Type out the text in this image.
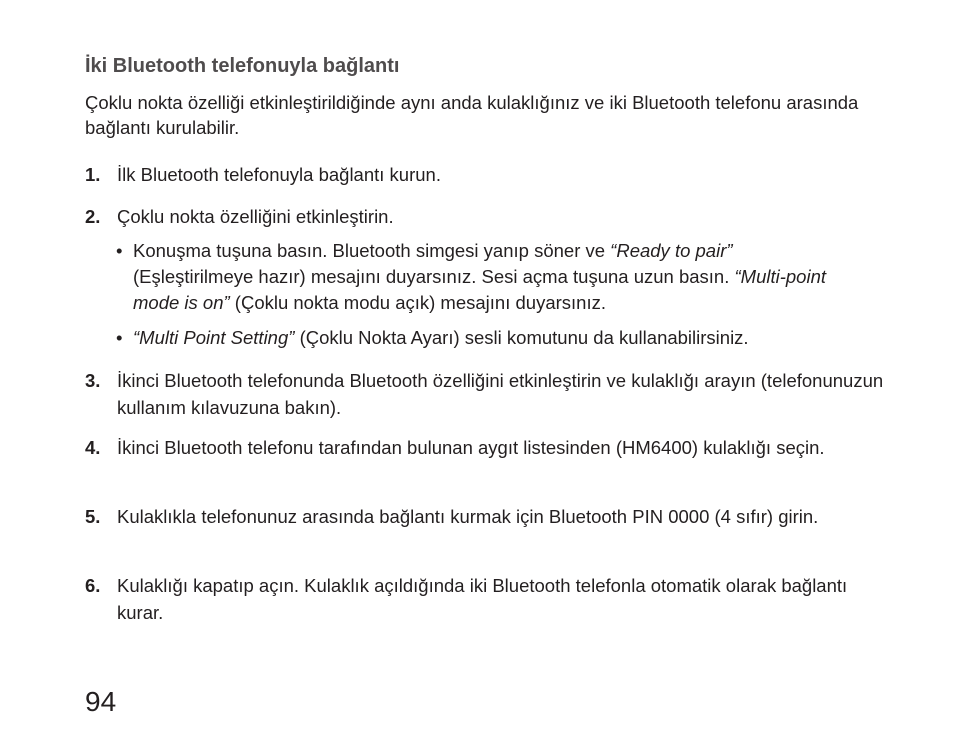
İki Bluetooth telefonuyla bağlantı
Çoklu nokta özelliği etkinleştirildiğinde aynı anda kulaklığınız ve iki Bluetooth telefonu arasında bağlantı kurulabilir.
1. İlk Bluetooth telefonuyla bağlantı kurun.
2. Çoklu nokta özelliğini etkinleştirin.
• Konuşma tuşuna basın. Bluetooth simgesi yanıp söner ve “Ready to pair” (Eşleştirilmeye hazır) mesajını duyarsınız. Sesi açma tuşuna uzun basın. “Multi-point mode is on” (Çoklu nokta modu açık) mesajını duyarsınız.
• “Multi Point Setting” (Çoklu Nokta Ayarı) sesli komutunu da kullanabilirsiniz.
3. İkinci Bluetooth telefonunda Bluetooth özelliğini etkinleştirin ve kulaklığı arayın (telefonunuzun kullanım kılavuzuna bakın).
4. İkinci Bluetooth telefonu tarafından bulunan aygıt listesinden (HM6400) kulaklığı seçin.
5. Kulaklıkla telefonunuz arasında bağlantı kurmak için Bluetooth PIN 0000 (4 sıfır) girin.
6. Kulaklığı kapatıp açın. Kulaklık açıldığında iki Bluetooth telefonla otomatik olarak bağlantı kurar.
94
